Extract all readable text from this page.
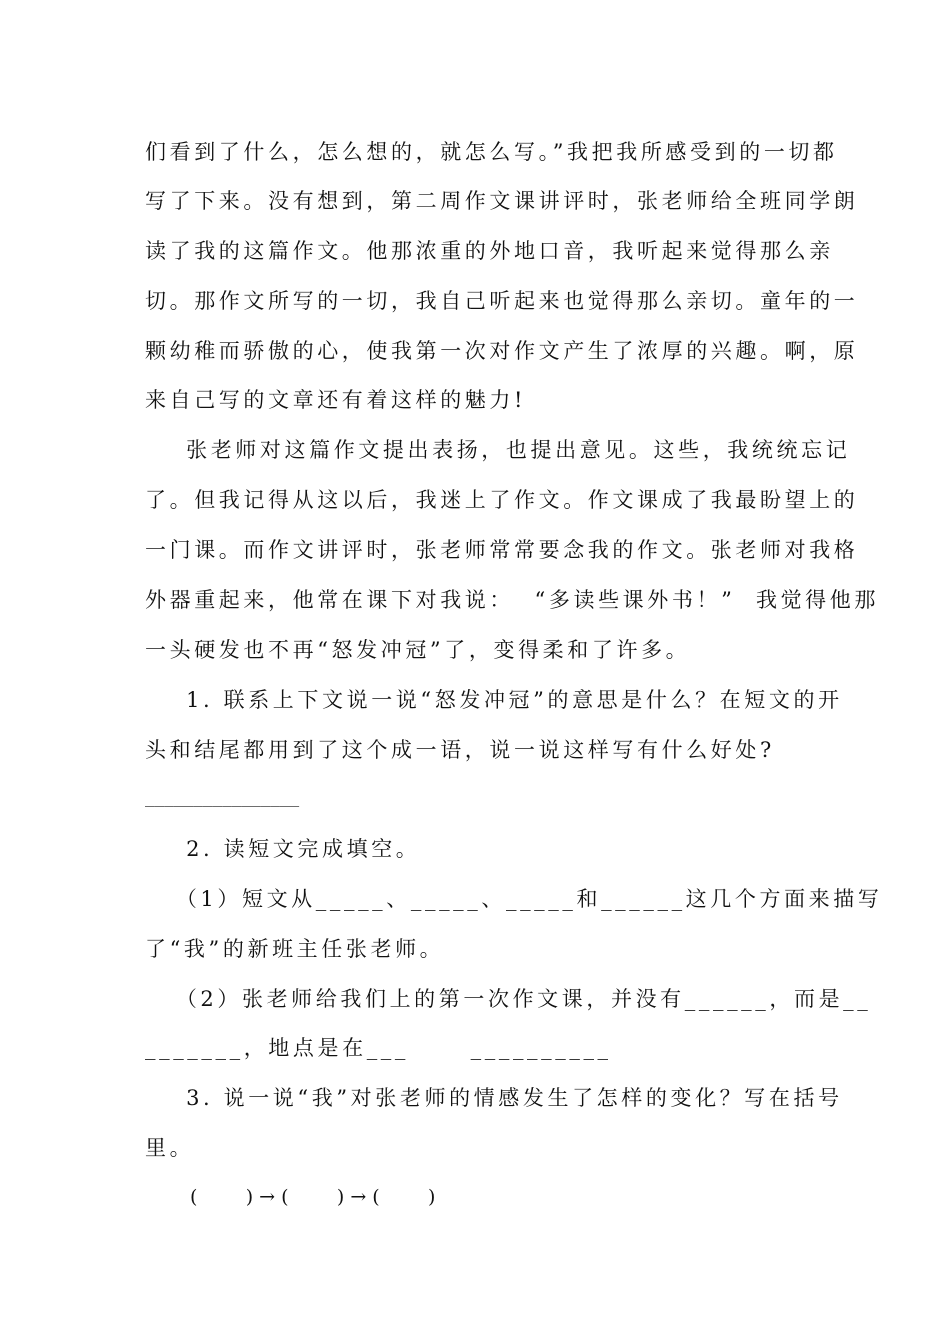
们看到了什么，怎么想的，就怎么写。”我把我所感受到的一切都
写了下来。没有想到，第二周作文课讲评时，张老师给全班同学朗
读了我的这篇作文。他那浓重的外地口音，我听起来觉得那么亲
切。那作文所写的一切，我自己听起来也觉得那么亲切。童年的一
颗幼稚而骄傲的心，使我第一次对作文产生了浓厚的兴趣。啊，原
来自己写的文章还有着这样的魅力!
张老师对这篇作文提出表扬，也提出意见。这些，我统统忘记
了。但我记得从这以后，我迷上了作文。作文课成了我最盼望上的
一门课。而作文讲评时，张老师常常要念我的作文。张老师对我格
外器重起来，他常在课下对我说：  “多读些课外书！”  我觉得他那
一头硬发也不再“怒发冲冠”了，变得柔和了许多。
1. 联系上下文说一说“怒发冲冠”的意思是什么？在短文的开
头和结尾都用到了这个成一语，说一说这样写有什么好处?
________________
2. 读短文完成填空。
（1）短文从_____、_____、_____和______这几个方面来描写
了“我”的新班主任张老师。
（2）张老师给我们上的第一次作文课，并没有______，而是__
_______，地点是在___      __________
3. 说一说“我”对张老师的情感发生了怎样的变化？写在括号
里。
(        ) → (        ) → (        )
